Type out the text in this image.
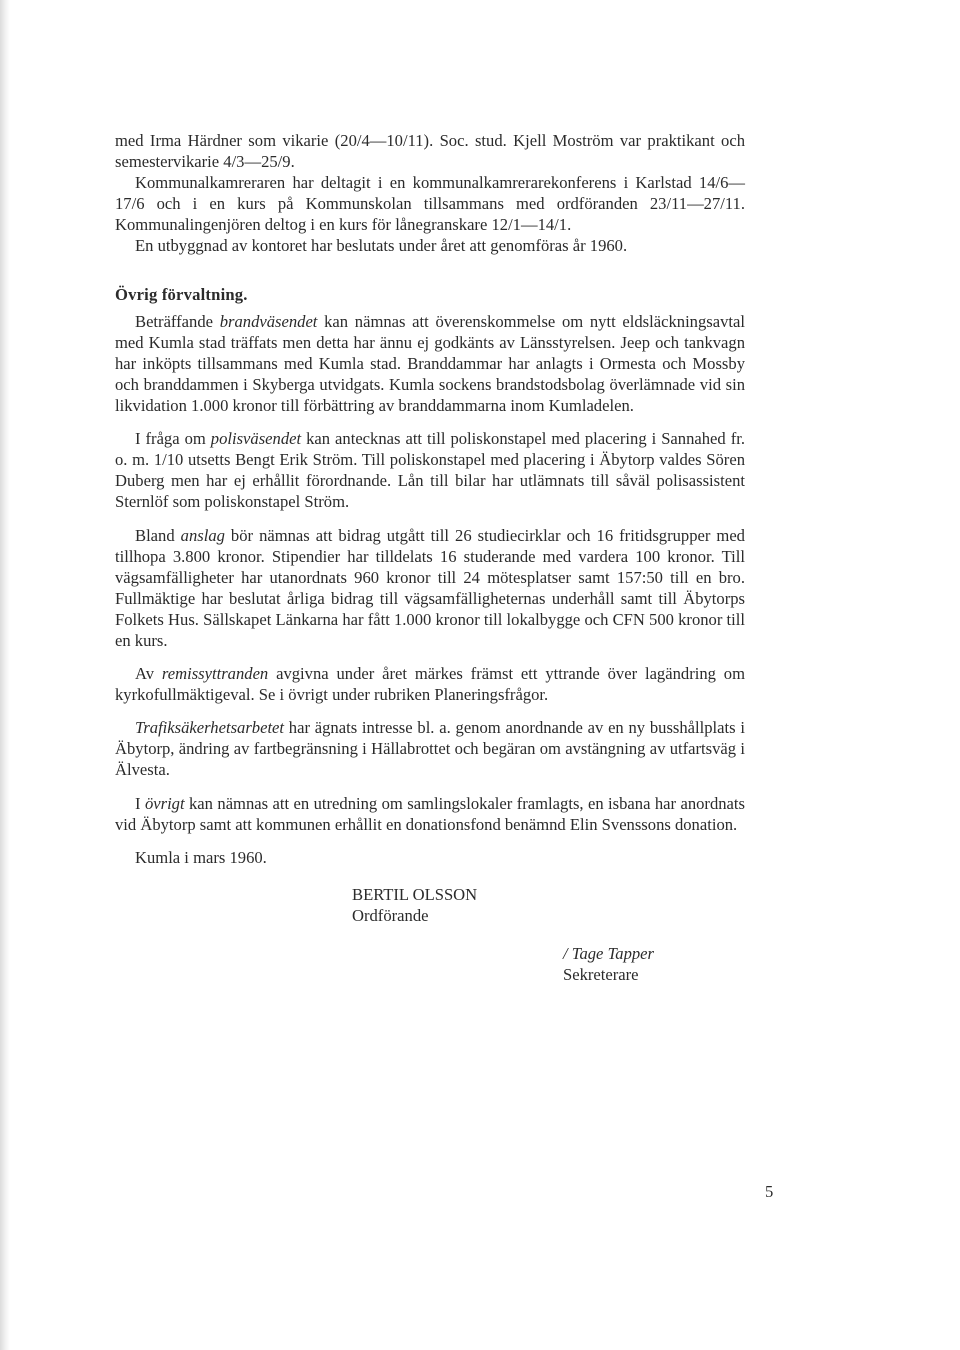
med Irma Härdner som vikarie (20/4—10/11). Soc. stud. Kjell Moström var praktikant och semestervikarie 4/3—25/9.

Kommunalkamreraren har deltagit i en kommunalkamrerarekonferens i Karlstad 14/6—17/6 och i en kurs på Kommunskolan tillsammans med ordföranden 23/11—27/11. Kommunalingenjören deltog i en kurs för lånegranskare 12/1—14/1.

En utbyggnad av kontoret har beslutats under året att genomföras år 1960.

Övrig förvaltning.

Beträffande brandväsendet kan nämnas att överenskommelse om nytt eldsläckningsavtal med Kumla stad träffats men detta har ännu ej godkänts av Länsstyrelsen. Jeep och tankvagn har inköpts tillsammans med Kumla stad. Branddammar har anlagts i Ormesta och Mossby och branddammen i Skyberga utvidgats. Kumla sockens brandstodsbolag överlämnade vid sin likvidation 1.000 kronor till förbättring av branddammarna inom Kumladelen.

I fråga om polisväsendet kan antecknas att till poliskonstapel med placering i Sannahed fr. o. m. 1/10 utsetts Bengt Erik Ström. Till poliskonstapel med placering i Äbytorp valdes Sören Duberg men har ej erhållit förordnande. Lån till bilar har utlämnats till såväl polisassistent Sternlöf som poliskonstapel Ström.

Bland anslag bör nämnas att bidrag utgått till 26 studiecirklar och 16 fritidsgrupper med tillhopa 3.800 kronor. Stipendier har tilldelats 16 studerande med vardera 100 kronor. Till vägsamfälligheter har utanordnats 960 kronor till 24 mötesplatser samt 157:50 till en bro. Fullmäktige har beslutat årliga bidrag till vägsamfälligheternas underhåll samt till Äbytorps Folkets Hus. Sällskapet Länkarna har fått 1.000 kronor till lokalbygge och CFN 500 kronor till en kurs.

Av remissyttranden avgivna under året märkes främst ett yttrande över lagändring om kyrkofullmäktigeval. Se i övrigt under rubriken Planeringsfrågor.

Trafiksäkerhetsarbetet har ägnats intresse bl. a. genom anordnande av en ny busshållplats i Äbytorp, ändring av fartbegränsning i Hällabrottet och begäran om avstängning av utfartsväg i Älvesta.

I övrigt kan nämnas att en utredning om samlingslokaler framlagts, en isbana har anordnats vid Äbytorp samt att kommunen erhållit en donationsfond benämnd Elin Svenssons donation.

Kumla i mars 1960.

BERTIL OLSSON
Ordförande
/ Tage Tapper
Sekreterare
5
